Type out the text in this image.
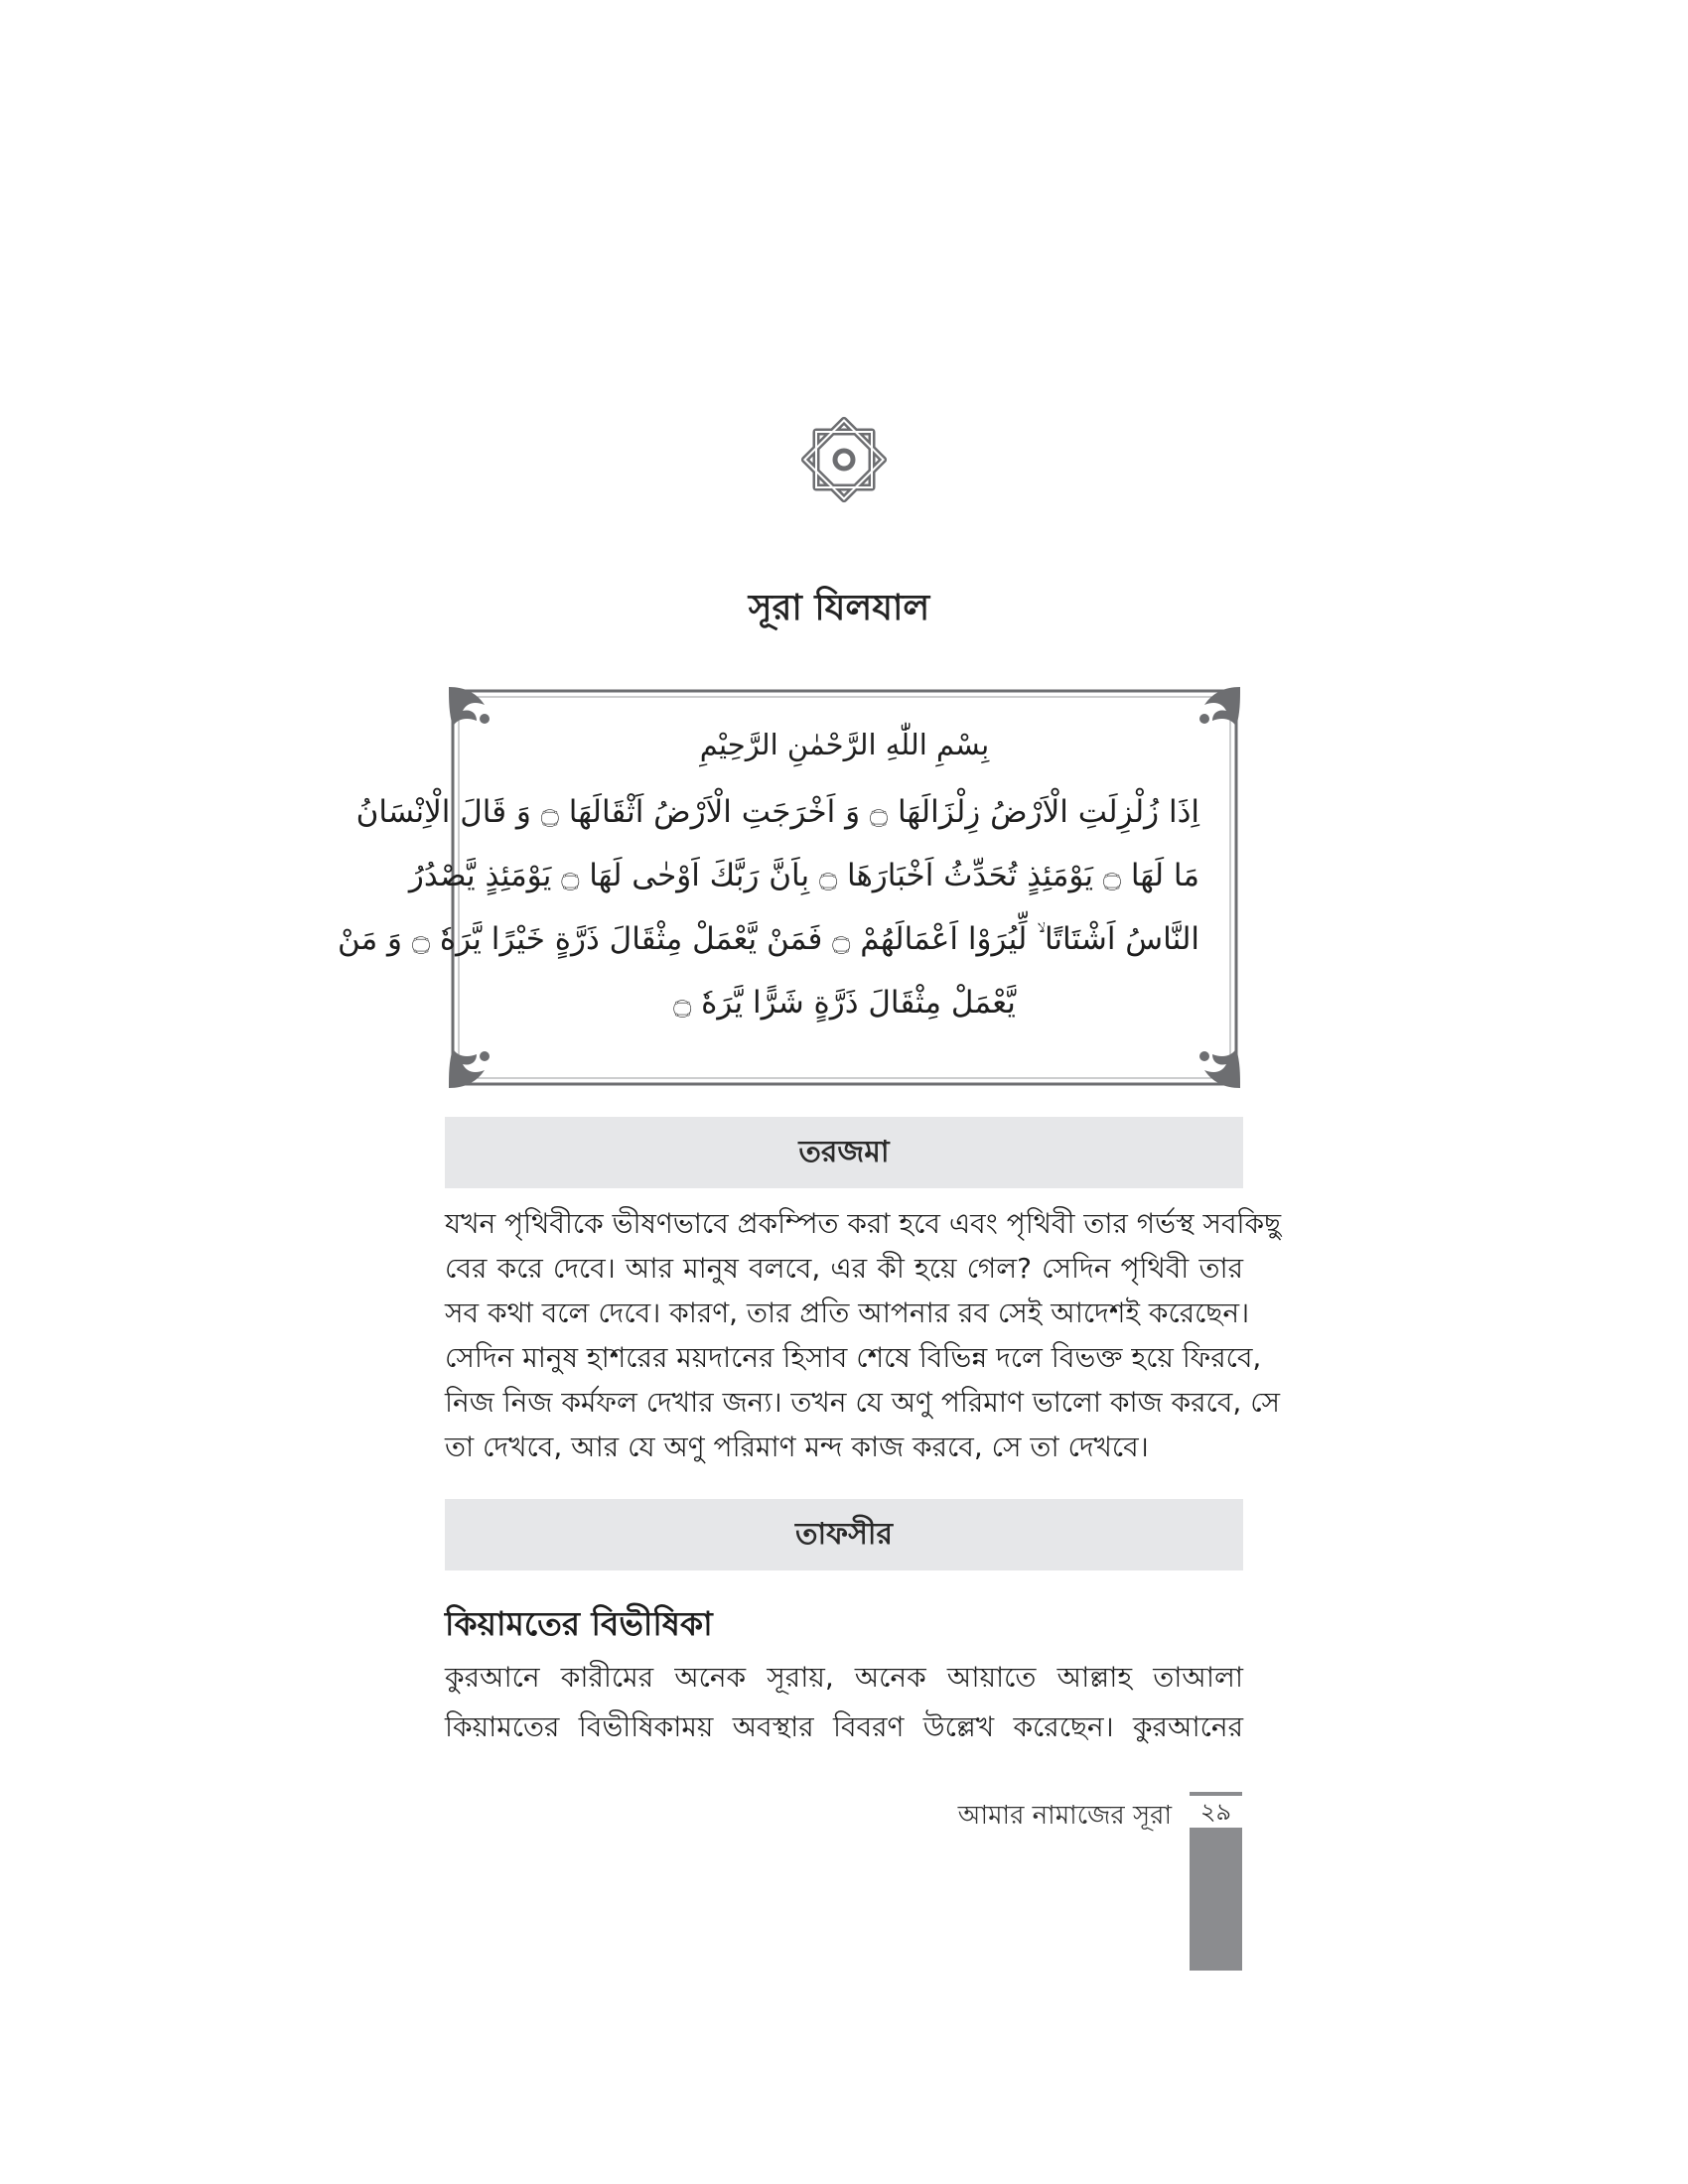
সূরা যিলযাল
بِسْمِ اللّٰهِ الرَّحْمٰنِ الرَّحِيْمِ
اِذَا زُلْزِلَتِ الْاَرْضُ زِلْزَالَهَا ۝ وَ اَخْرَجَتِ الْاَرْضُ اَثْقَالَهَا ۝ وَ قَالَ الْاِنْسَانُ
مَا لَهَا ۝ يَوْمَئِذٍ تُحَدِّثُ اَخْبَارَهَا ۝ بِاَنَّ رَبَّكَ اَوْحٰى لَهَا ۝ يَوْمَئِذٍ يَّصْدُرُ
النَّاسُ اَشْتَاتًا ۙ لِّيُرَوْا اَعْمَالَهُمْ ۝ فَمَنْ يَّعْمَلْ مِثْقَالَ ذَرَّةٍ خَيْرًا يَّرَهٗ ۝ وَ مَنْ
يَّعْمَلْ مِثْقَالَ ذَرَّةٍ شَرًّا يَّرَهٗ ۝
তরজমা

যখন পৃথিবীকে ভীষণভাবে প্রকম্পিত করা হবে এবং পৃথিবী তার গর্ভস্থ সবকিছু
বের করে দেবে। আর মানুষ বলবে, এর কী হয়ে গেল? সেদিন পৃথিবী তার
সব কথা বলে দেবে। কারণ, তার প্রতি আপনার রব সেই আদেশই করেছেন।
সেদিন মানুষ হাশরের ময়দানের হিসাব শেষে বিভিন্ন দলে বিভক্ত হয়ে ফিরবে,
নিজ নিজ কর্মফল দেখার জন্য। তখন যে অণু পরিমাণ ভালো কাজ করবে, সে
তা দেখবে, আর যে অণু পরিমাণ মন্দ কাজ করবে, সে তা দেখবে।

তাফসীর
কিয়ামতের বিভীষিকা

কুরআনে কারীমের অনেক সূরায়, অনেক আয়াতে আল্লাহ তাআলা
কিয়ামতের বিভীষিকাময় অবস্থার বিবরণ উল্লেখ করেছেন। কুরআনের

আমার নামাজের সূরা	২৯
